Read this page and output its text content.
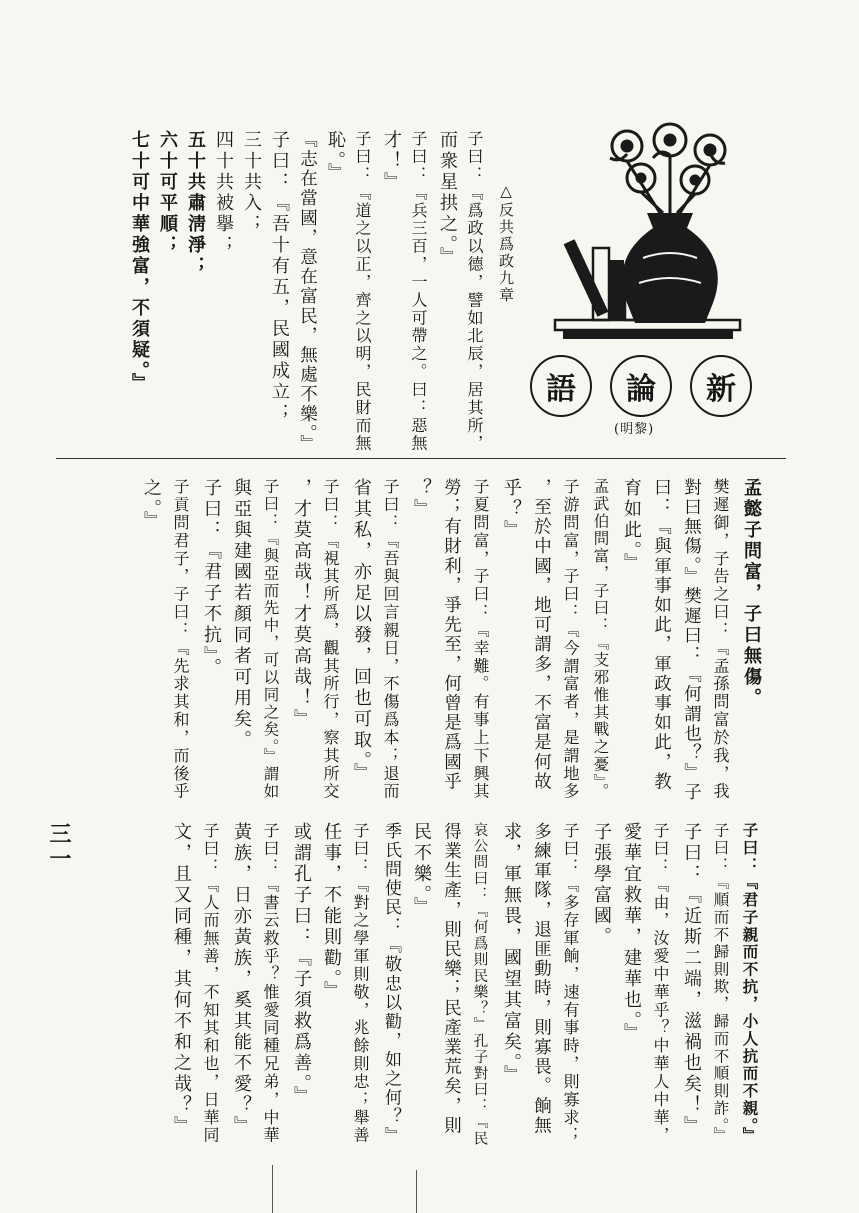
新
論
語
(明黎)
△反共爲政九章
子曰：『爲政以德，譬如北辰，居其所，
而衆星拱之。』
子曰：『兵三百，一人可帶之。曰：惡無
才！』
子曰：『道之以正，齊之以明，民財而無
恥。』
『志在當國，意在富民，無處不樂。』
子曰：『吾十有五，民國成立；
三十共入；
四十共被擧；
五十共肅淸淨；
六十可平順；
七十可中華強富，不須疑。』
孟懿子問富，子曰無傷。
樊遲御，子告之曰：『孟孫問富於我，我
對曰無傷。』樊遲曰：『何謂也？』子
曰：『與軍事如此，軍政事如此，教
育如此。』
孟武伯問富，子曰：『支邪惟其戰之憂』。
子游問富，子曰：『今謂富者，是謂地多
，至於中國，地可謂多，不富是何故
乎？』
子夏問富，子曰：『幸難。有事上下興其
勞；有財利，爭先至，何曾是爲國乎
？』
子曰：『吾與回言親日，不傷爲本；退而
省其私，亦足以發，回也可取。』
子曰：『視其所爲，觀其所行，察其所交
，才莫高哉！才莫高哉！』
子曰：『與亞而先中，可以同之矣。』謂如
與亞與建國若顏同者可用矣。
子曰：『君子不抗』。
子貢問君子，子曰：『先求其和，而後乎
之。』
子曰：『君子親而不抗，小人抗而不親。』
子曰：『順而不歸則欺，歸而不順則詐。』
子曰：『近斯二端，滋禍也矣！』
子曰：『由，汝愛中華乎？中華人中華，
愛華宜救華，建華也。』
子張學富國。
子曰：『多存軍餉，速有事時，則寡求；
多練軍隊，退匪動時，則寡畏。餉無
求，軍無畏，國望其富矣。』
哀公問曰：『何爲則民樂？』孔子對曰：『民
得業生產，則民樂；民產業荒矣，則
民不樂。』
季氏問使民：『敬忠以勸，如之何？』
子曰：『對之學軍則敬，兆餘則忠；舉善
任事，不能則勸。』
或謂孔子曰：『子須救爲善。』
子曰：『書云救乎？惟愛同種兄弟，中華
黃族，日亦黃族，奚其能不愛？』
子曰：『人而無善，不知其和也，日華同
文，且又同種，其何不和之哉？』
三一
